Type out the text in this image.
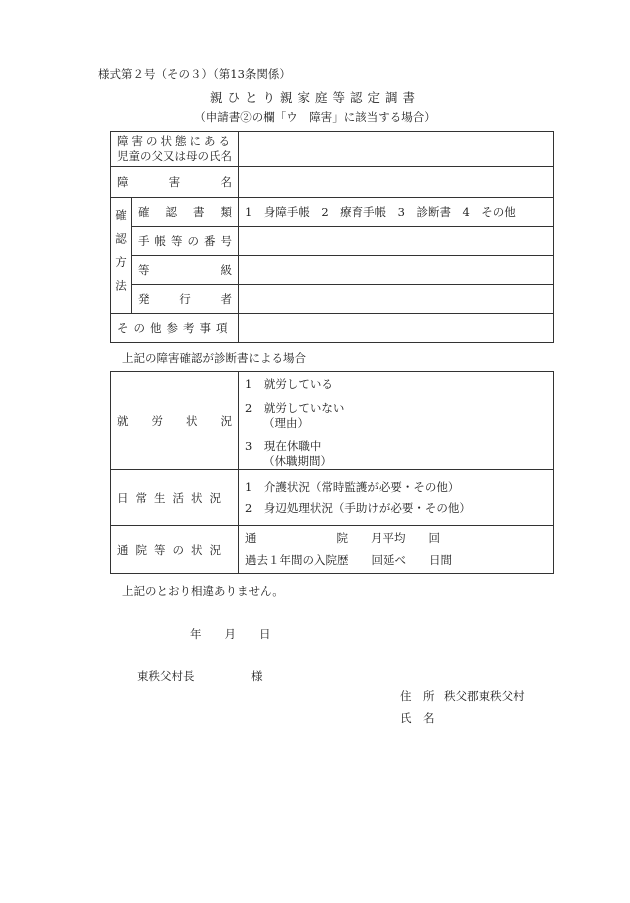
様式第２号（その３）（第13条関係）
親ひとり親家庭等認定調書
（申請書②の欄「ウ　障害」に該当する場合）
障害の状態にある
児童の父又は母の氏名		

障 害 名		

確認方法	確 認 書 類	1　身障手帳　2　療育手帳　3　診断書　4　その他
	手帳等の番号	

	等 級	

	発 行 者	

その他参考事項		
上記の障害確認が診断書による場合
就 労 状 況	1　就労している
2　就労していない
（理由）
3　現在休職中
（休職期間）

日常生活状況	1　介護状況（常時監護が必要・その他）
2　身辺処理状況（手助けが必要・その他）

通院等の状況	通 院　　月平均　　回
過去１年間の入院歴　　回延べ　　日間
上記のとおり相違ありません。
年　　月　　日
東秩父村長	様
住　所 秩父郡東秩父村
氏　名
